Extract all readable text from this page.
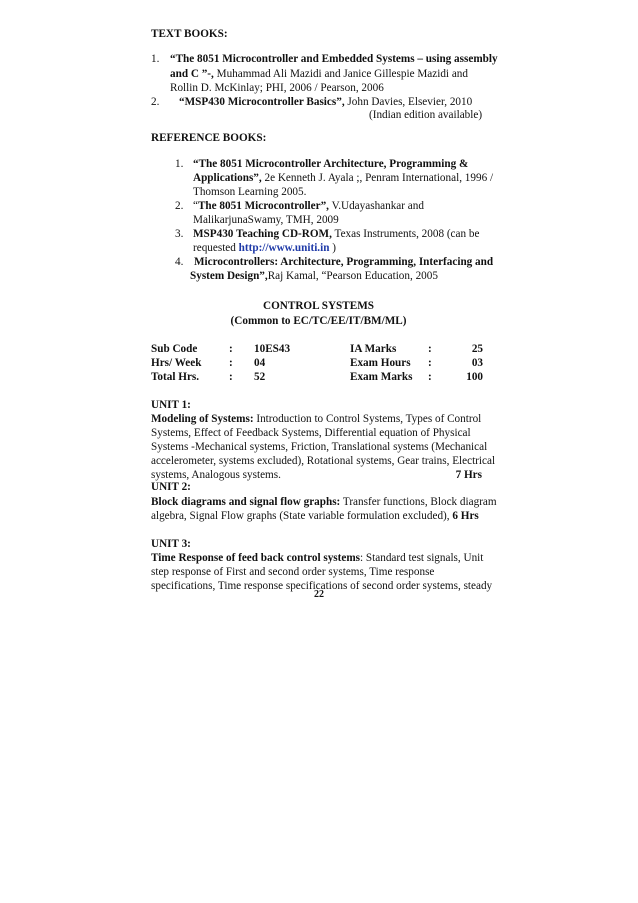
TEXT BOOKS:
1. “The 8051 Microcontroller and Embedded Systems – using assembly
and C ”-, Muhammad Ali Mazidi and Janice Gillespie Mazidi and
Rollin D. McKinlay; PHI, 2006 / Pearson, 2006
2. “MSP430 Microcontroller Basics”, John Davies, Elsevier, 2010
(Indian edition available)
REFERENCE BOOKS:
1. “The 8051 Microcontroller Architecture, Programming &
Applications”, 2e Kenneth J. Ayala ;, Penram International, 1996 /
Thomson Learning 2005.
2. “The 8051 Microcontroller”, V.Udayashankar and
MalikarjunaSwamy, TMH, 2009
3. MSP430 Teaching CD-ROM, Texas Instruments, 2008 (can be
requested http://www.uniti.in )
4. Microcontrollers: Architecture, Programming, Interfacing and
System Design”,Raj Kamal, “Pearson Education, 2005
CONTROL SYSTEMS
(Common to EC/TC/EE/IT/BM/ML)
Sub Code	: 10ES43	IA Marks	:	25
Hrs/ Week : 04	Exam Hours :	03
Total Hrs.	: 52	Exam Marks :	100
UNIT 1:
Modeling of Systems: Introduction to Control Systems, Types of Control
Systems, Effect of Feedback Systems, Differential equation of Physical
Systems -Mechanical systems, Friction, Translational systems (Mechanical
accelerometer, systems excluded), Rotational systems, Gear trains, Electrical
systems, Analogous systems.	7 Hrs
UNIT 2:
Block diagrams and signal flow graphs: Transfer functions, Block diagram
algebra, Signal Flow graphs (State variable formulation excluded), 6 Hrs
UNIT 3:
Time Response of feed back control systems: Standard test signals, Unit
step response of First and second order systems, Time response
specifications, Time response specifications of second order systems, steady
22
